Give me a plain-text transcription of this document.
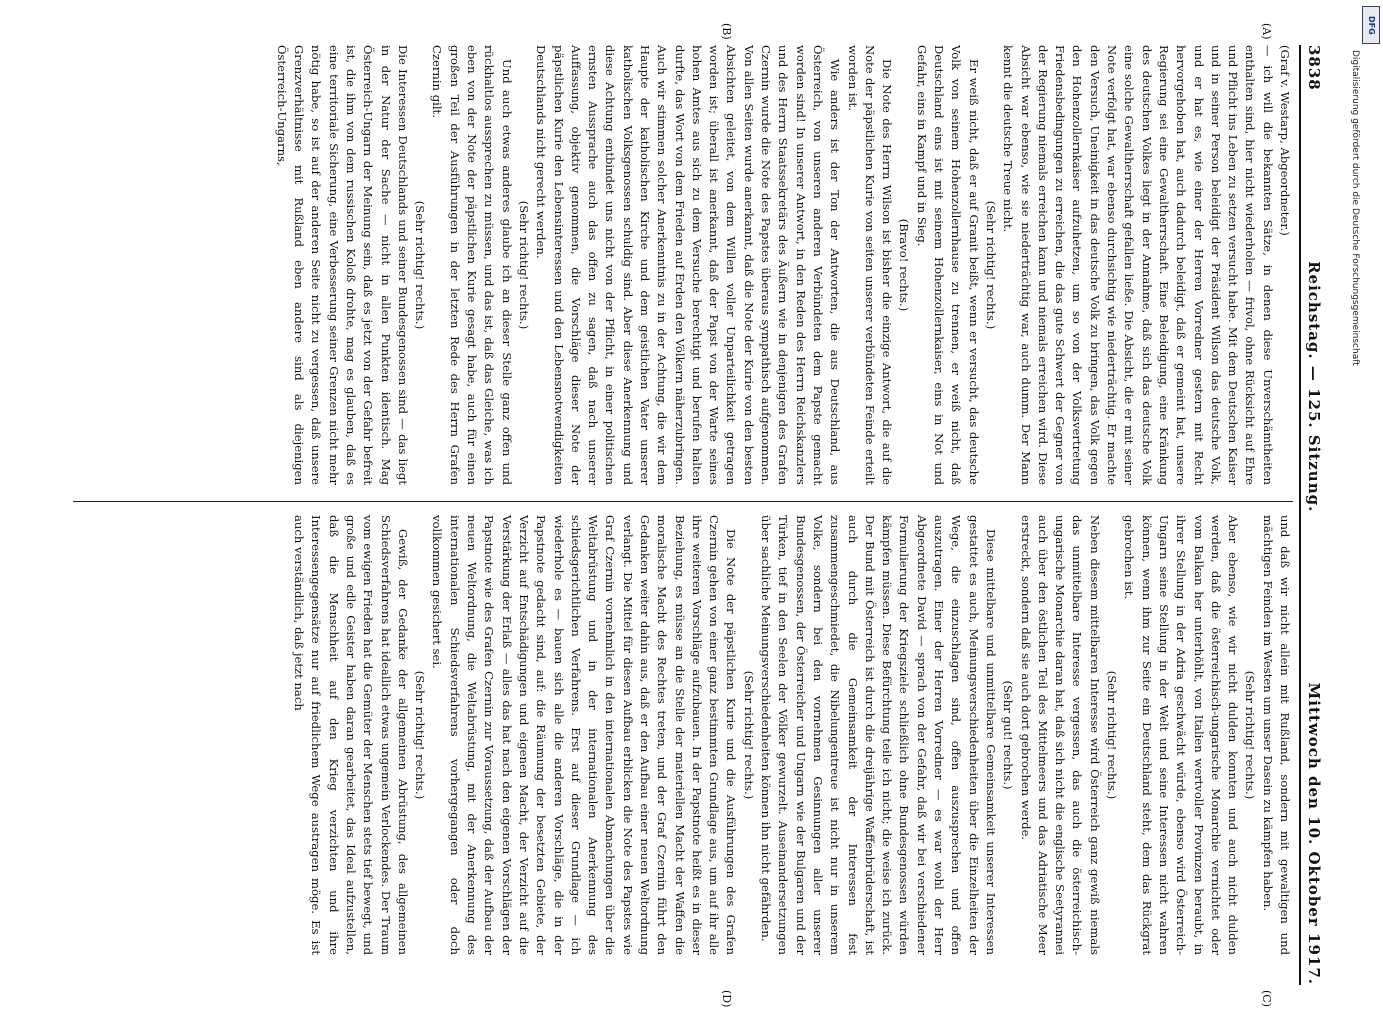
3838
Reichstag. — 125. Sitzung.
Mittwoch den 10. Oktober 1917.

(Graf v. Westarp, Abgeordneter.)

— ich will die bekannten Sätze, in denen diese Unverschämtheiten enthalten sind, hier nicht wiederholen — frivol, ohne Rücksicht auf Ehre und Pflicht ins Leben zu setzen versucht habe. Mit dem Deutschen Kaiser und in seiner Person beleidigt der Präsident Wilson das deutsche Volk, und er hat es, wie einer der Herren Vorredner gestern mit Recht hervorgehoben hat, auch dadurch beleidigt, daß er gemeint hat, unsere Regierung sei eine Gewaltherrschaft. Eine Beleidigung, eine Kränkung des deutschen Volkes liegt in der Annahme, daß sich das deutsche Volk eine solche Gewaltherrschaft gefallen ließe. Die Absicht, die er mit seiner Note verfolgt hat, war ebenso durchsichtig wie niederträchtig. Er machte den Versuch, Uneinigkeit in das deutsche Volk zu bringen, das Volk gegen den Hohenzollernkaiser aufzuhetzen, um so von der Volksvertretung Friedensbedingungen zu erreichen, die das gute Schwert der Gegner von der Regierung niemals erreichen kann und niemals erreichen wird. Diese Absicht war ebenso, wie sie niederträchtig war, auch dumm. Der Mann kennt die deutsche Treue nicht.

(Sehr richtig! rechts.)

Er weiß nicht, daß er auf Granit beißt, wenn er versucht, das deutsche Volk von seinem Hohenzollernhause zu trennen, er weiß nicht, daß Deutschland eins ist mit seinem Hohenzollernkaiser, eins in Not und Gefahr, eins in Kampf und in Sieg.

(Bravo! rechts.)

Die Note des Herrn Wilson ist bisher die einzige Antwort, die auf die Note der päpstlichen Kurie von seiten unserer verbündeten Feinde erteilt worden ist.

Wie anders ist der Ton der Antworten, die aus Deutschland, aus Österreich, von unseren anderen Verbündeten dem Papste gemacht worden sind! In unserer Antwort, in den Reden des Herrn Reichskanzlers und des Herrn Staatssekretärs des Äußern wie in denjenigen des Grafen Czernin wurde die Note des Papstes überaus sympathisch aufgenommen. Von allen Seiten wurde anerkannt, daß die Note der Kurie von den besten Absichten geleitet, von dem Willen voller Unparteilichkeit getragen worden ist; überall ist anerkannt, daß der Papst von der Warte seines hohen Amtes aus sich zu dem Versuche berechtigt und berufen halten durfte, das Wort von dem Frieden auf Erden den Völkern näherzubringen. Auch wir stimmen solcher Anerkenntnis zu in der Achtung, die wir dem Haupte der katholischen Kirche und dem geistlichen Vater unserer katholischen Volksgenossen schuldig sind. Aber diese Anerkennung und diese Achtung entbindet uns nicht von der Pflicht, in einer politischen ernsten Aussprache auch das offen zu sagen, daß nach unserer Auffassung, objektiv genommen, die Vorschläge dieser Note der päpstlichen Kurie den Lebensinteressen und den Lebensnotwendigkeiten Deutschlands nicht gerecht werden.

(Sehr richtig! rechts.)

Und auch etwas anderes glaube ich an dieser Stelle ganz offen und rückhaltlos aussprechen zu müssen, und das ist, daß das Gleiche, was ich eben von der Note der päpstlichen Kurie gesagt habe, auch für einen großen Teil der Ausführungen in der letzten Rede des Herrn Grafen Czernin gilt.

(Sehr richtig! rechts.)

Die Interessen Deutschlands und seiner Bundesgenossen sind — das liegt in der Natur der Sache — nicht in allen Punkten identisch. Mag Österreich-Ungarn der Meinung sein, daß es jetzt von der Gefahr befreit ist, die ihm von dem russischen Koloß drohte, mag es glauben, daß es eine territoriale Sicherung, eine Verbesserung seiner Grenzen nicht mehr nötig habe, so ist auf der anderen Seite nicht zu vergessen, daß unsere Grenzverhältnisse mit Rußland eben andere sind als diejenigen Österreich-Ungarns,

und daß wir nicht allein mit Rußland, sondern mit gewaltigen und mächtigen Feinden im Westen um unser Dasein zu kämpfen haben.

(Sehr richtig! rechts.)

Aber ebenso, wie wir nicht dulden konnten und auch nicht dulden werden, daß die österreichisch-ungarische Monarchie vernichtet oder vom Balkan her unterhöhlt, von Italien wertvoller Provinzen beraubt, in ihrer Stellung in der Adria geschwächt würde, ebenso wird Österreich-Ungarn seine Stellung in der Welt und seine Interessen nicht wahren können, wenn ihm zur Seite ein Deutschland steht, dem das Rückgrat gebrochen ist.

(Sehr richtig! rechts.)

Neben diesem mittelbaren Interesse wird Österreich ganz gewiß niemals das unmittelbare Interesse vergessen, das auch die österreichisch-ungarische Monarchie daran hat, daß sich nicht die englische Seetyrannei auch über den östlichen Teil des Mittelmeers und das Adriatische Meer erstreckt, sondern daß sie auch dort gebrochen werde.

(Sehr gut! rechts.)

Diese mittelbare und unmittelbare Gemeinsamkeit unserer Interessen gestattet es auch, Meinungsverschiedenheiten über die Einzelheiten der Wege, die einzuschlagen sind, offen auszusprechen und offen auszutragen. Einer der Herren Vorredner — es war wohl der Herr Abgeordnete David — sprach von der Gefahr, daß wir bei verschiedener Formulierung der Kriegsziele schließlich ohne Bundesgenossen würden kämpfen müssen. Diese Befürchtung teile ich nicht; die weise ich zurück. Der Bund mit Österreich ist durch die dreijährige Waffenbrüderschaft, ist auch durch die Gemeinsamkeit der Interessen fest zusammengeschmiedet, die Nibelungentreue ist nicht nur in unserem Volke, sondern bei den vornehmen Gesinnungen aller unserer Bundesgenossen, der Österreicher und Ungarn wie der Bulgaren und der Türken, tief in den Seelen der Völker gewurzelt. Auseinandersetzungen über sachliche Meinungsverschiedenheiten können ihn nicht gefährden.

(Sehr richtig! rechts.)

Die Note der päpstlichen Kurie und die Ausführungen des Grafen Czernin gehen von einer ganz bestimmten Grundlage aus, um auf ihr alle ihre weiteren Vorschläge aufzubauen. In der Papstnote heißt es in dieser Beziehung, es müsse an die Stelle der materiellen Macht der Waffen die moralische Macht des Rechtes treten, und der Graf Czernin führt den Gedanken weiter dahin aus, daß er den Aufbau einer neuen Weltordnung verlangt. Die Mittel für diesen Aufbau erblicken die Note des Papstes wie Graf Czernin vornehmlich in den internationalen Abmachungen über die Weltabrüstung und in der internationalen Anerkennung des schiedsgerichtlichen Verfahrens. Erst auf dieser Grundlage — ich wiederhole es — bauen sich alle die anderen Vorschläge, die in der Papstnote gedacht sind, auf: die Räumung der besetzten Gebiete, der Verzicht auf Entschädigungen und eigenen Macht, der Verzicht auf die Verstärkung der Erlaß — alles das hat nach den eigenen Vorschlägen der Papstnote wie des Grafen Czernin zur Voraussetzung, daß der Aufbau der neuen Weltordnung, die Weltabrüstung, mit der Anerkennung des internationalen Schiedsverfahrens vorhergegangen oder doch vollkommen gesichert sei.

(Sehr richtig! rechts.)

Gewiß, der Gedanke der allgemeinen Abrüstung, des allgemeinen Schiedsverfahrens hat ideallich etwas ungemein Verlockendes. Der Traum vom ewigen Frieden hat die Gemüter der Menschen stets tief bewegt, und große und edle Geister haben daran gearbeitet, das Ideal aufzustellen, daß die Menschheit auf den Krieg verzichten und ihre Interessengegensätze nur auf friedlichem Wege austragen möge. Es ist auch verständlich, daß jetzt nach

(A)
(B)
(C)
(D)
DFG
Digitalisierung gefördert durch die Deutsche Forschungsgemeinschaft
